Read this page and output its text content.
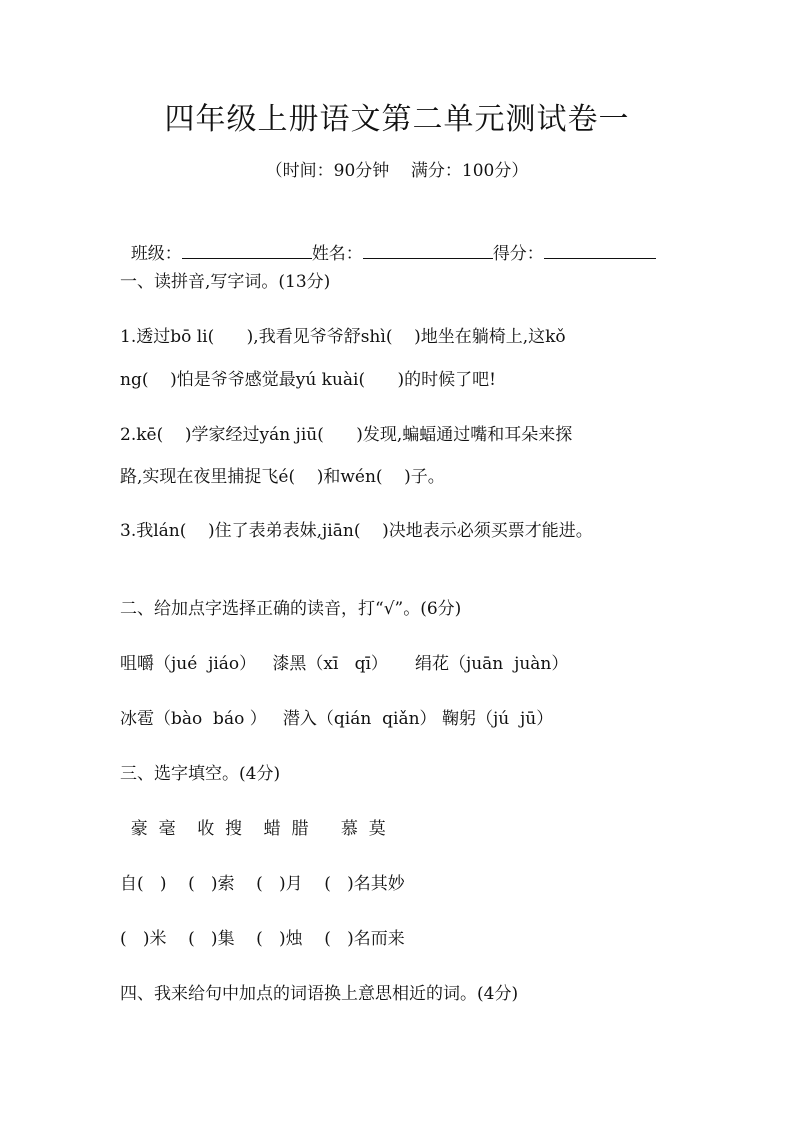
四年级上册语文第二单元测试卷一
（时间：90分钟    满分：100分）

班级：	姓名：	得分：

一、读拼音,写字词。(13分)
1.透过bō li(      ),我看见爷爷舒shì(    )地坐在躺椅上,这kǒ
ng(    )怕是爷爷感觉最yú kuài(      )的时候了吧!
2.kē(    )学家经过yán jiū(      )发现,蝙蝠通过嘴和耳朵来探
路,实现在夜里捕捉飞é(    )和wén(    )子。
3.我lán(    )住了表弟表妹,jiān(    )决地表示必须买票才能进。
二、给加点字选择正确的读音，打“√”。(6分)
咀嚼（jué  jiáo）   漆黑（xī   qī）     绢花（juān  juàn）
冰雹（bào  báo ）   潜入（qián  qiǎn） 鞠躬（jú  jū）
三、选字填空。(4分)
豪  毫    收  搜    蜡  腊      慕  莫
自(   )    (   )索    (   )月    (   )名其妙
(   )米    (   )集    (   )烛    (   )名而来
四、我来给句中加点的词语换上意思相近的词。(4分)
